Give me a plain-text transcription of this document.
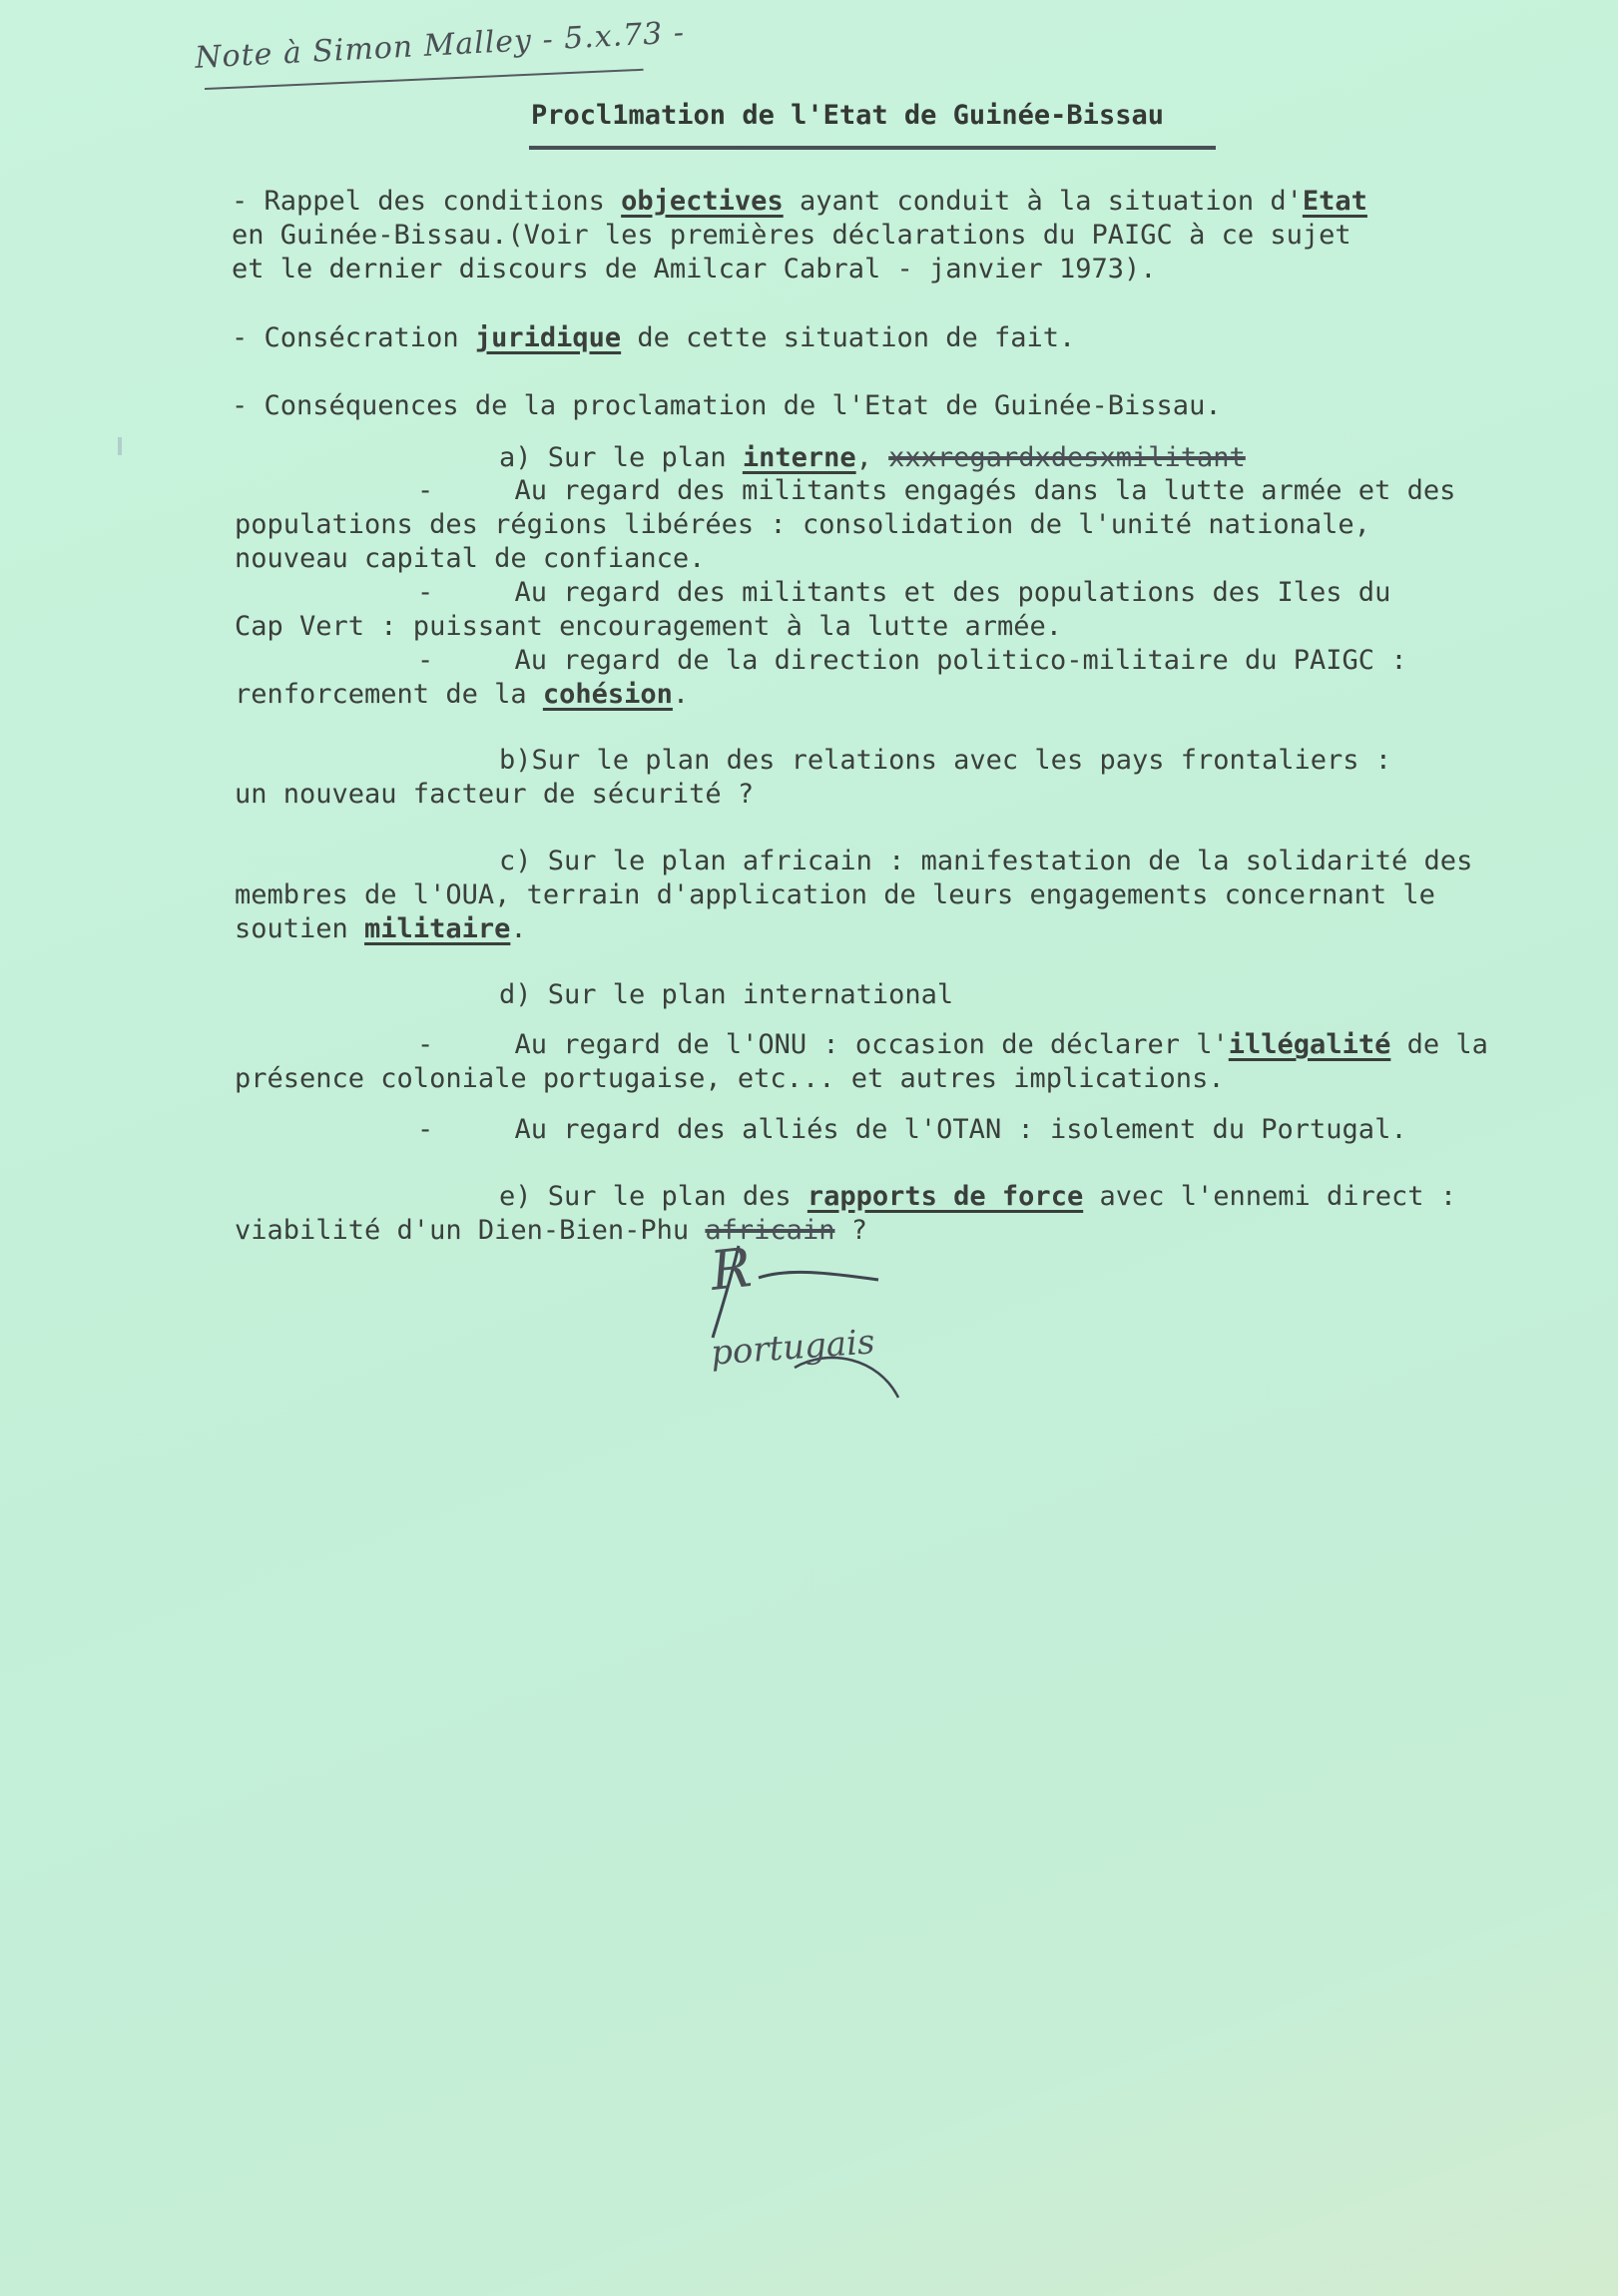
Note à Simon Malley - 5.x.73 -
Procl1mation de l'Etat de Guinée-Bissau
- Rappel des conditions objectives ayant conduit à la situation d'Etat
en Guinée-Bissau.(Voir les premières déclarations du PAIGC à ce sujet
et le dernier discours de Amilcar Cabral - janvier 1973).
- Consécration juridique de cette situation de fait.
- Conséquences de la proclamation de l'Etat de Guinée-Bissau.
a) Sur le plan interne, xxxregardxdesxmilitant
-     Au regard des militants engagés dans la lutte armée et des
populations des régions libérées : consolidation de l'unité nationale,
nouveau capital de confiance.
-     Au regard des militants et des populations des Iles du
Cap Vert : puissant encouragement à la lutte armée.
-     Au regard de la direction politico-militaire du PAIGC :
renforcement de la cohésion.
b)Sur le plan des relations avec les pays frontaliers :
un nouveau facteur de sécurité ?
c) Sur le plan africain : manifestation de la solidarité des
membres de l'OUA, terrain d'application de leurs engagements concernant le
soutien militaire.
d) Sur le plan international
-     Au regard de l'ONU : occasion de déclarer l'illégalité de la
présence coloniale portugaise, etc... et autres implications.
-     Au regard des alliés de l'OTAN : isolement du Portugal.
e) Sur le plan des rapports de force avec l'ennemi direct :
viabilité d'un Dien-Bien-Phu africain ?
R
portugais
